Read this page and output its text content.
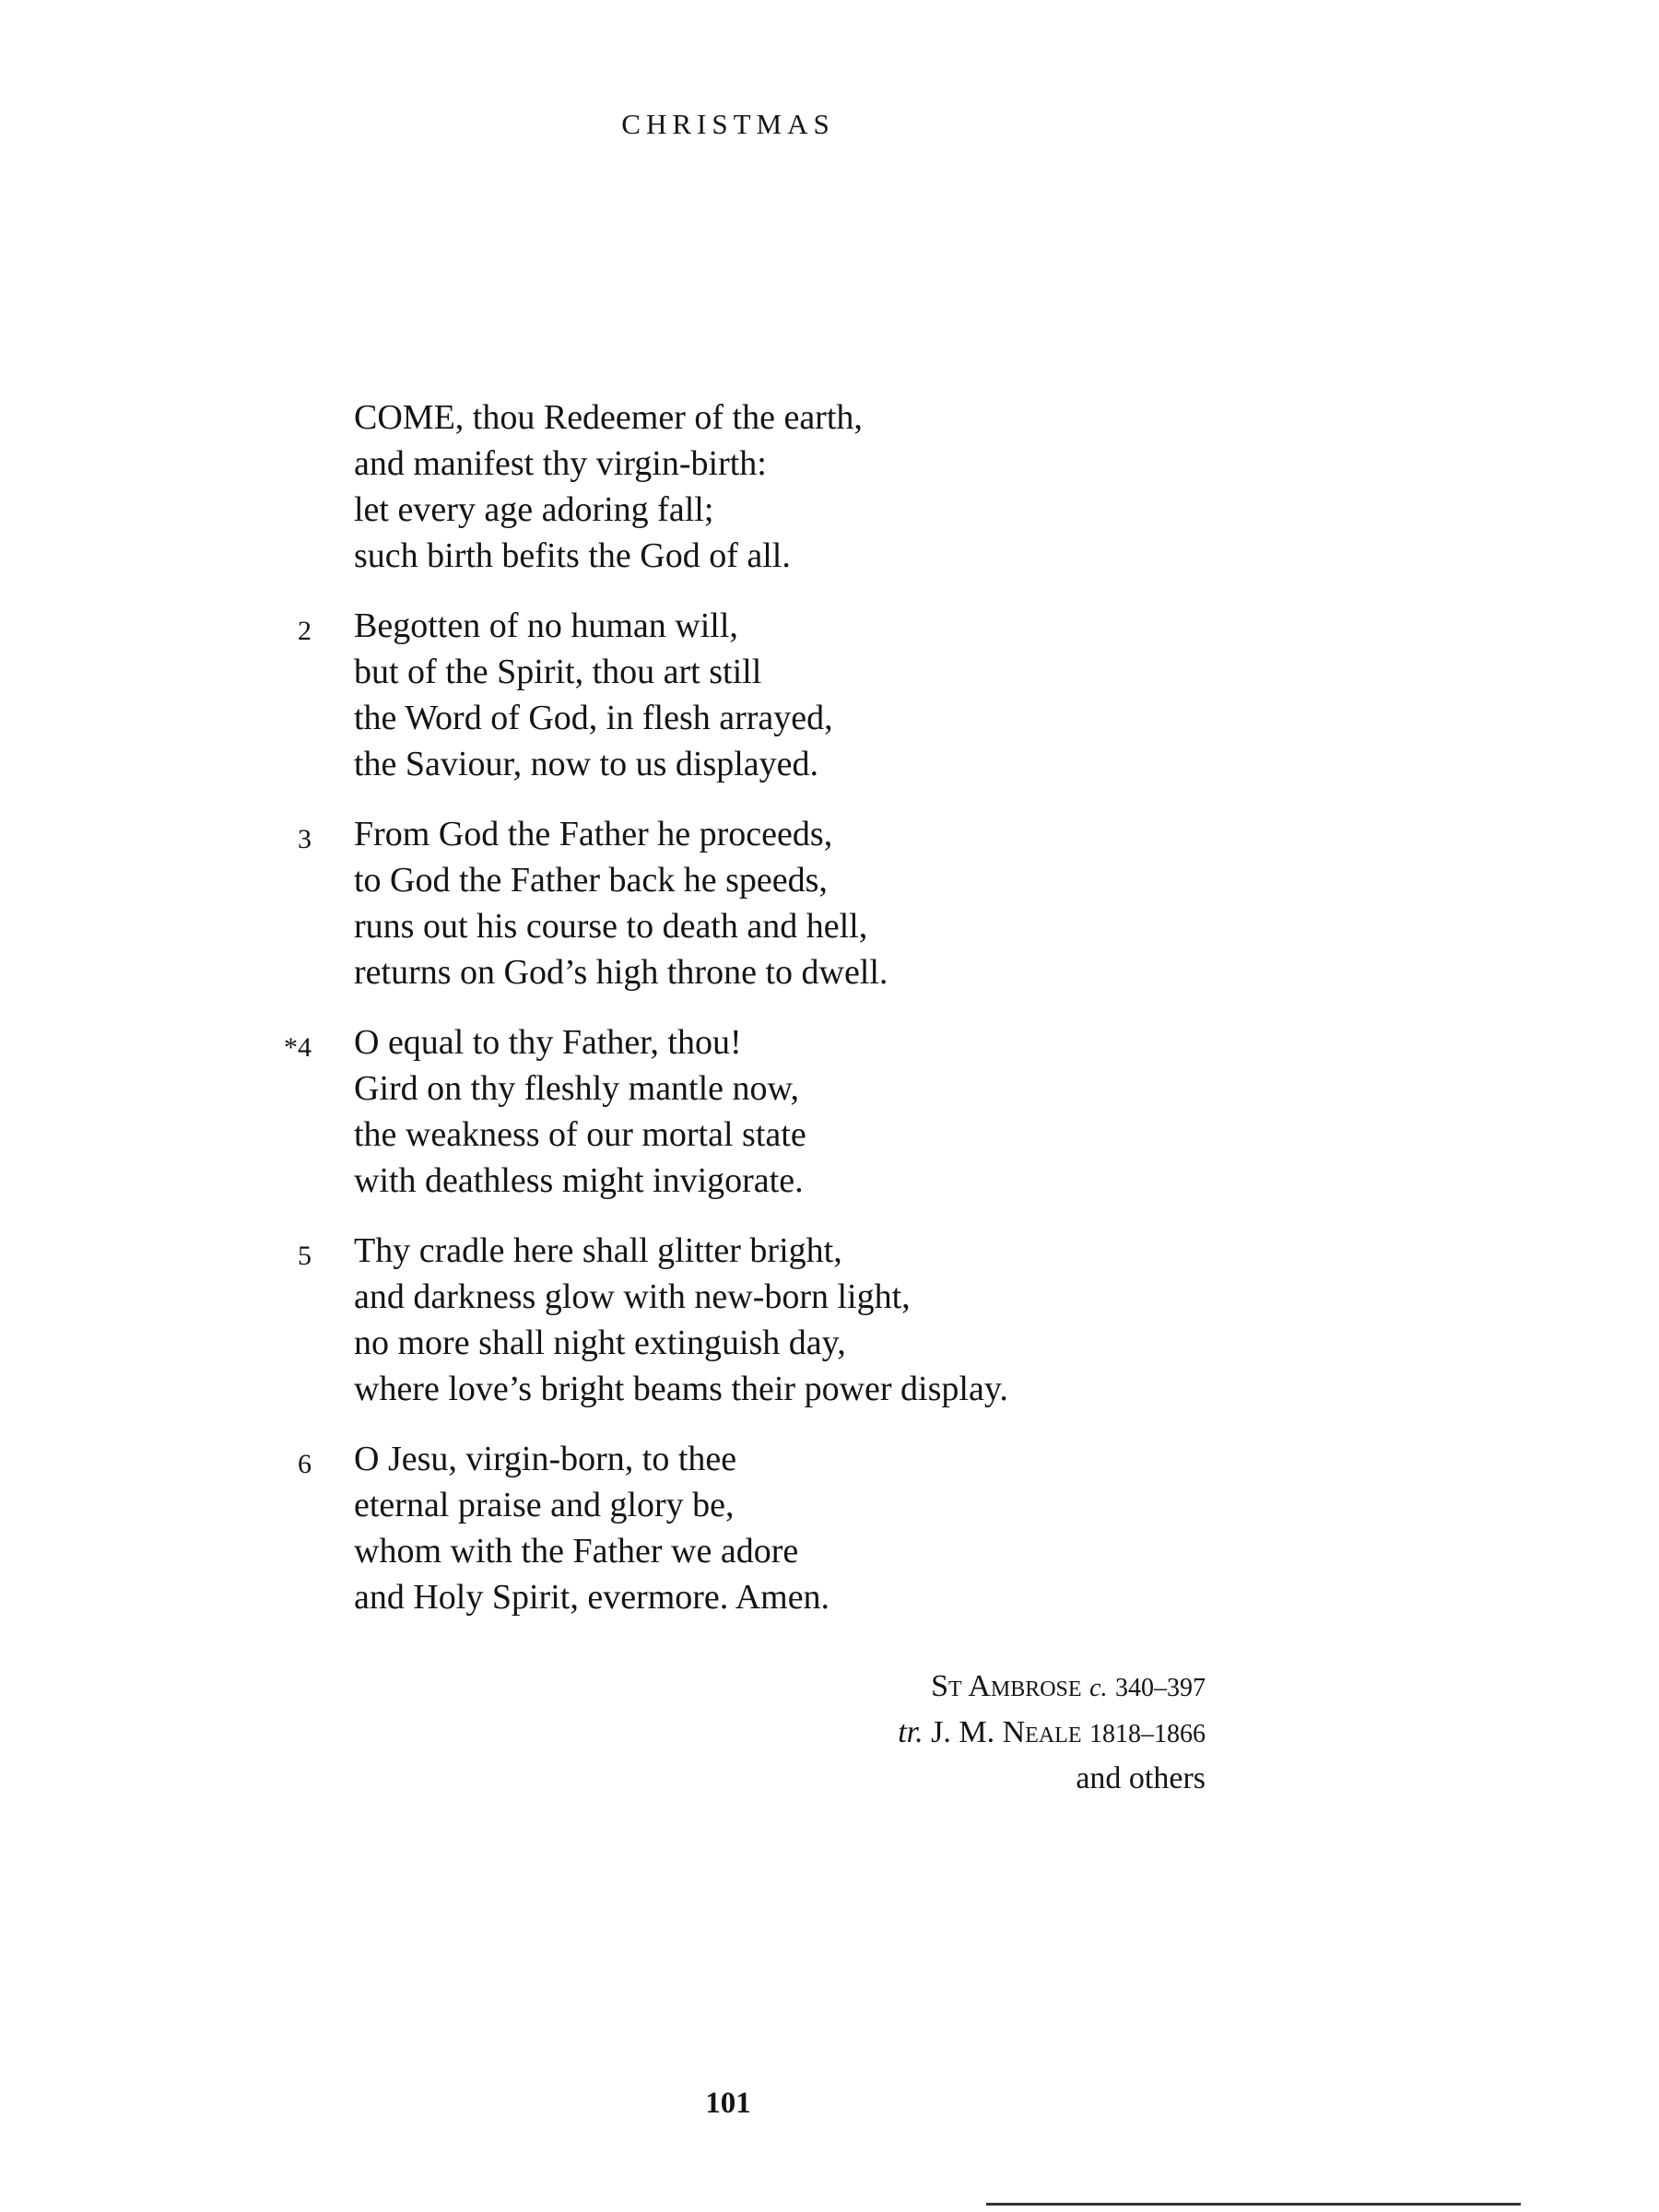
CHRISTMAS
COME, thou Redeemer of the earth,
and manifest thy virgin-birth:
let every age adoring fall;
such birth befits the God of all.
2 Begotten of no human will,
but of the Spirit, thou art still
the Word of God, in flesh arrayed,
the Saviour, now to us displayed.
3 From God the Father he proceeds,
to God the Father back he speeds,
runs out his course to death and hell,
returns on God’s high throne to dwell.
*4 O equal to thy Father, thou!
Gird on thy fleshly mantle now,
the weakness of our mortal state
with deathless might invigorate.
5 Thy cradle here shall glitter bright,
and darkness glow with new-born light,
no more shall night extinguish day,
where love’s bright beams their power display.
6 O Jesu, virgin-born, to thee
eternal praise and glory be,
whom with the Father we adore
and Holy Spirit, evermore. Amen.
St Ambrose c. 340–397
tr. J. M. Neale 1818–1866
and others
101
